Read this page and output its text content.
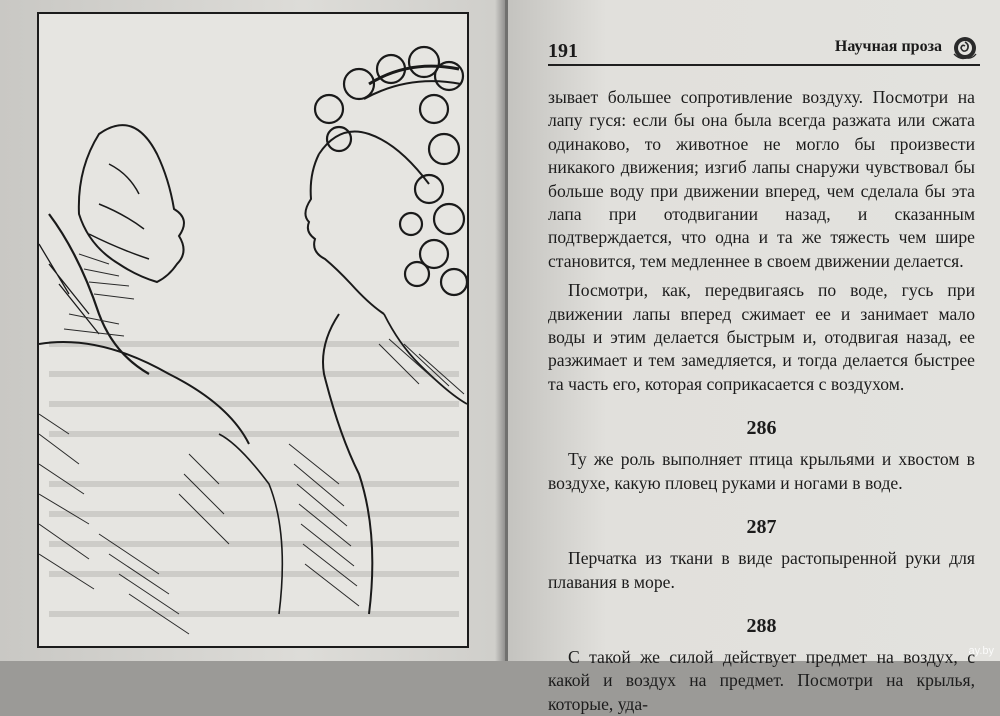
191	Научная проза

зывает большее сопротивление воздуху. Посмотри на лапу гуся: если бы она была всегда разжата или сжата одинаково, то животное не могло бы произвести никакого движения; изгиб лапы снаружи чувствовал бы больше воду при движении вперед, чем сделала бы эта лапа при отодвигании назад, и сказанным подтверждается, что одна и та же тяжесть чем шире становится, тем медленнее в своем движении делается.

Посмотри, как, передвигаясь по воде, гусь при движении лапы вперед сжимает ее и занимает мало воды и этим делается быстрым и, отодвигая назад, ее разжимает и тем замедляется, и тогда делается быстрее та часть его, которая соприкасается с воздухом.

286

Ту же роль выполняет птица крыльями и хвостом в воздухе, какую пловец руками и ногами в воде.

287

Перчатка из ткани в виде растопыренной руки для плавания в море.

288

С такой же силой действует предмет на воздух, с какой и воздух на предмет. Посмотри на крылья, которые, уда-

ay.by
